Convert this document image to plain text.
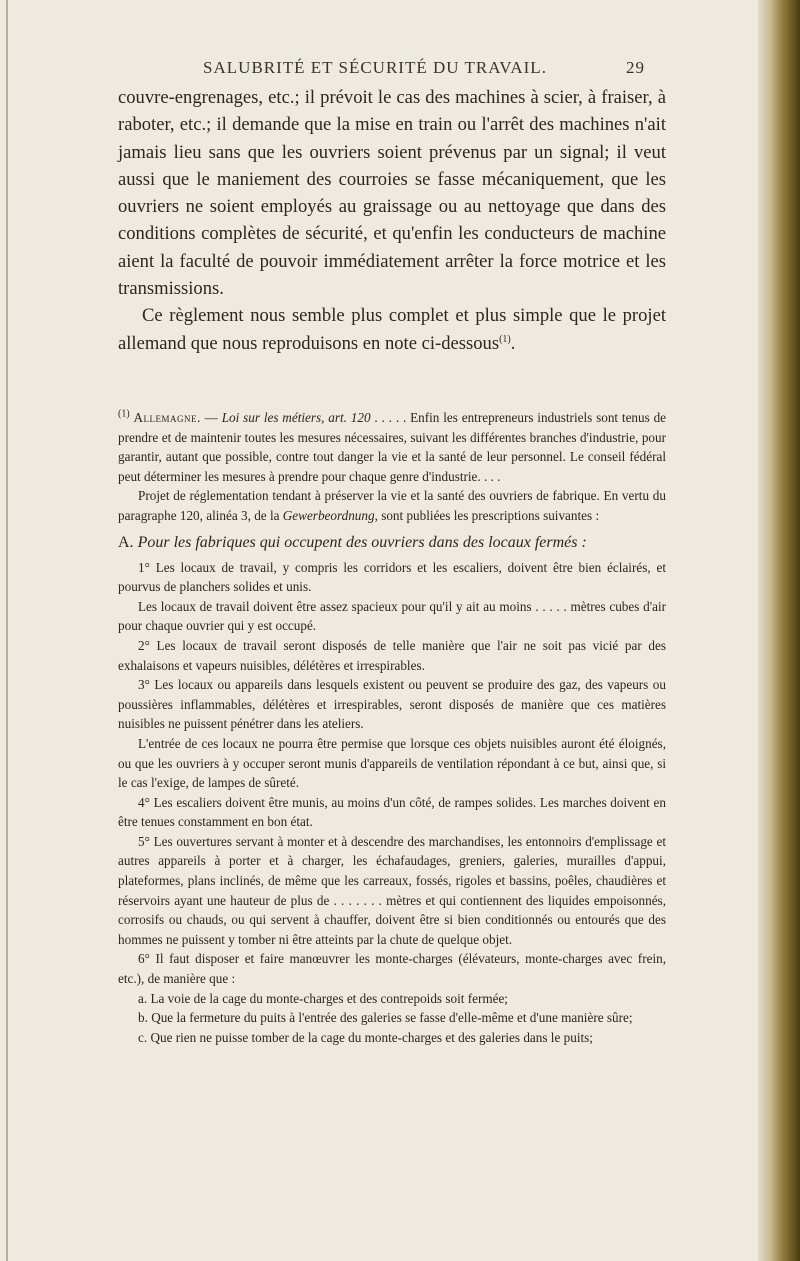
SALUBRITÉ ET SÉCURITÉ DU TRAVAIL.	29

couvre-engrenages, etc.; il prévoit le cas des machines à scier, à fraiser, à raboter, etc.; il demande que la mise en train ou l'arrêt des machines n'ait jamais lieu sans que les ouvriers soient prévenus par un signal; il veut aussi que le maniement des courroies se fasse mécaniquement, que les ouvriers ne soient employés au graissage ou au nettoyage que dans des conditions complètes de sécurité, et qu'enfin les conducteurs de machine aient la faculté de pouvoir immédiatement arrêter la force motrice et les transmissions.

Ce règlement nous semble plus complet et plus simple que le projet allemand que nous reproduisons en note ci-dessous$^{(1)}$.

$^{(1)}$ Allemagne. — Loi sur les métiers, art. 120 . . . . . Enfin les entrepreneurs industriels sont tenus de prendre et de maintenir toutes les mesures nécessaires, suivant les différentes branches d'industrie, pour garantir, autant que possible, contre tout danger la vie et la santé de leur personnel. Le conseil fédéral peut déterminer les mesures à prendre pour chaque genre d'industrie. . . .

Projet de réglementation tendant à préserver la vie et la santé des ouvriers de fabrique. En vertu du paragraphe 120, alinéa 3, de la Gewerbeordnung, sont publiées les prescriptions suivantes :

A. Pour les fabriques qui occupent des ouvriers dans des locaux fermés :

1° Les locaux de travail, y compris les corridors et les escaliers, doivent être bien éclairés, et pourvus de planchers solides et unis.

Les locaux de travail doivent être assez spacieux pour qu'il y ait au moins . . . . . mètres cubes d'air pour chaque ouvrier qui y est occupé.

2° Les locaux de travail seront disposés de telle manière que l'air ne soit pas vicié par des exhalaisons et vapeurs nuisibles, délétères et irrespirables.

3° Les locaux ou appareils dans lesquels existent ou peuvent se produire des gaz, des vapeurs ou poussières inflammables, délétères et irrespirables, seront disposés de manière que ces matières nuisibles ne puissent pénétrer dans les ateliers.

L'entrée de ces locaux ne pourra être permise que lorsque ces objets nuisibles auront été éloignés, ou que les ouvriers à y occuper seront munis d'appareils de ventilation répondant à ce but, ainsi que, si le cas l'exige, de lampes de sûreté.

4° Les escaliers doivent être munis, au moins d'un côté, de rampes solides. Les marches doivent en être tenues constamment en bon état.

5° Les ouvertures servant à monter et à descendre des marchandises, les entonnoirs d'emplissage et autres appareils à porter et à charger, les échafaudages, greniers, galeries, murailles d'appui, plateformes, plans inclinés, de même que les carreaux, fossés, rigoles et bassins, poêles, chaudières et réservoirs ayant une hauteur de plus de . . . . . . . mètres et qui contiennent des liquides empoisonnés, corrosifs ou chauds, ou qui servent à chauffer, doivent être si bien conditionnés ou entourés que des hommes ne puissent y tomber ni être atteints par la chute de quelque objet.

6° Il faut disposer et faire manœuvrer les monte-charges (élévateurs, monte-charges avec frein, etc.), de manière que :

a. La voie de la cage du monte-charges et des contrepoids soit fermée;

b. Que la fermeture du puits à l'entrée des galeries se fasse d'elle-même et d'une manière sûre;

c. Que rien ne puisse tomber de la cage du monte-charges et des galeries dans le puits;
